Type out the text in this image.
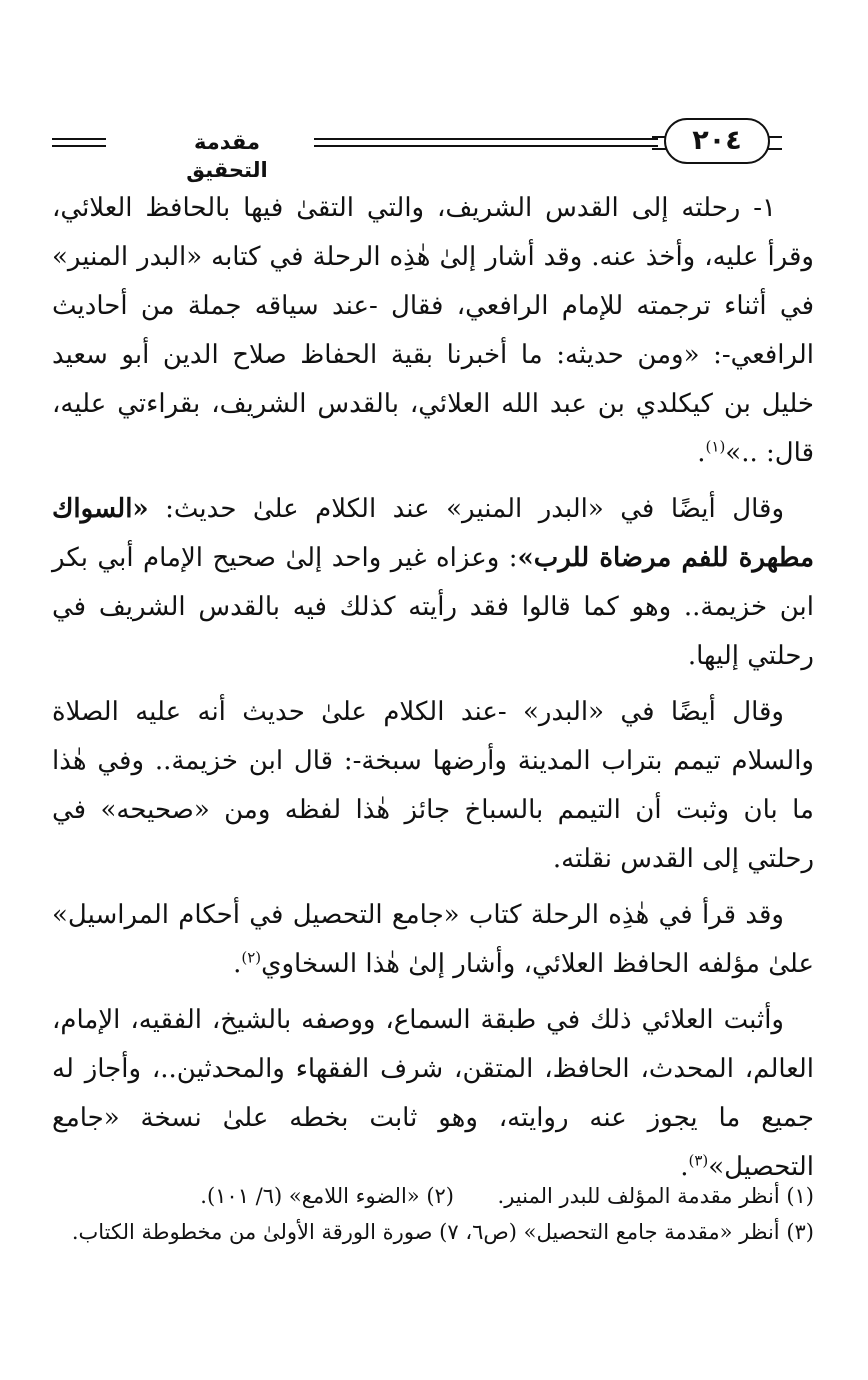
مقدمة التحقيق
٢٠٤

١- رحلته إلى القدس الشريف، والتي التقىٰ فيها بالحافظ العلائي، وقرأ عليه، وأخذ عنه. وقد أشار إلىٰ هٰذِه الرحلة في كتابه «البدر المنير» في أثناء ترجمته للإمام الرافعي، فقال -عند سياقه جملة من أحاديث الرافعي-: «ومن حديثه: ما أخبرنا بقية الحفاظ صلاح الدين أبو سعيد خليل بن كيكلدي بن عبد الله العلائي، بالقدس الشريف، بقراءتي عليه، قال: ..»$^{(١)}$.

وقال أيضًا في «البدر المنير» عند الكلام علىٰ حديث: «السواك مطهرة للفم مرضاة للرب»: وعزاه غير واحد إلىٰ صحيح الإمام أبي بكر ابن خزيمة.. وهو كما قالوا فقد رأيته كذلك فيه بالقدس الشريف في رحلتي إليها.

وقال أيضًا في «البدر» -عند الكلام علىٰ حديث أنه عليه الصلاة والسلام تيمم بتراب المدينة وأرضها سبخة-: قال ابن خزيمة.. وفي هٰذا ما بان وثبت أن التيمم بالسباخ جائز هٰذا لفظه ومن «صحيحه» في رحلتي إلى القدس نقلته.

وقد قرأ في هٰذِه الرحلة كتاب «جامع التحصيل في أحكام المراسيل» علىٰ مؤلفه الحافظ العلائي، وأشار إلىٰ هٰذا السخاوي$^{(٢)}$.

وأثبت العلائي ذلك في طبقة السماع، ووصفه بالشيخ، الفقيه، الإمام، العالم، المحدث، الحافظ، المتقن، شرف الفقهاء والمحدثين..، وأجاز له جميع ما يجوز عنه روايته، وهو ثابت بخطه علىٰ نسخة «جامع التحصيل»$^{(٣)}$.

(١) أنظر مقدمة المؤلف للبدر المنير.
(٢) «الضوء اللامع» (٦/ ١٠١).

(٣) أنظر «مقدمة جامع التحصيل» (ص٦، ٧) صورة الورقة الأولىٰ من مخطوطة الكتاب.
